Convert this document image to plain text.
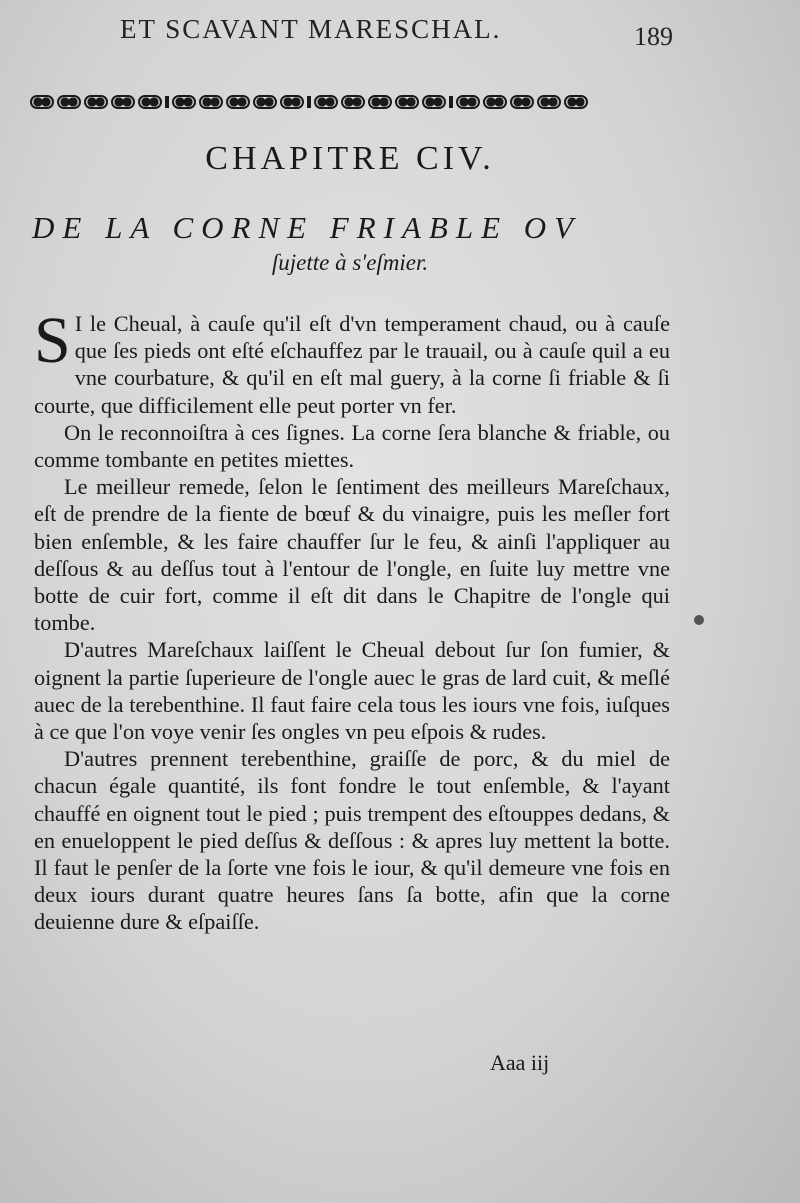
ET SCAVANT MARESCHAL.	189
CHAPITRE CIV.
DE LA CORNE FRIABLE OV
ſujette à s'eſmier.

S I le Cheual, à cauſe qu'il eſt d'vn temperament chaud, ou à cauſe que ſes pieds ont eſté eſchauffez par le trauail, ou à cauſe quil a eu vne courbature, & qu'il en eſt mal guery, à la corne ſi friable & ſi courte, que difficilement elle peut porter vn fer.

On le reconnoiſtra à ces ſignes. La corne ſera blanche & friable, ou comme tombante en petites miettes.

Le meilleur remede, ſelon le ſentiment des meilleurs Mareſchaux, eſt de prendre de la fiente de bœuf & du vinaigre, puis les meſler fort bien enſemble, & les faire chauffer ſur le feu, & ainſi l'appliquer au deſſous & au deſſus tout à l'entour de l'ongle, en ſuite luy mettre vne botte de cuir fort, comme il eſt dit dans le Chapitre de l'ongle qui tombe.

D'autres Mareſchaux laiſſent le Cheual debout ſur ſon fumier, & oignent la partie ſuperieure de l'ongle auec le gras de lard cuit, & meſlé auec de la terebenthine. Il faut faire cela tous les iours vne fois, iuſques à ce que l'on voye venir ſes ongles vn peu eſpois & rudes.

D'autres prennent terebenthine, graiſſe de porc, & du miel de chacun égale quantité, ils font fondre le tout enſemble, & l'ayant chauffé en oignent tout le pied ; puis trempent des eſtouppes dedans, & en enueloppent le pied deſſus & deſſous : & apres luy mettent la botte. Il faut le penſer de la ſorte vne fois le iour, & qu'il demeure vne fois en deux iours durant quatre heures ſans ſa botte, afin que la corne deuienne dure & eſpaiſſe.

Aaa iij
